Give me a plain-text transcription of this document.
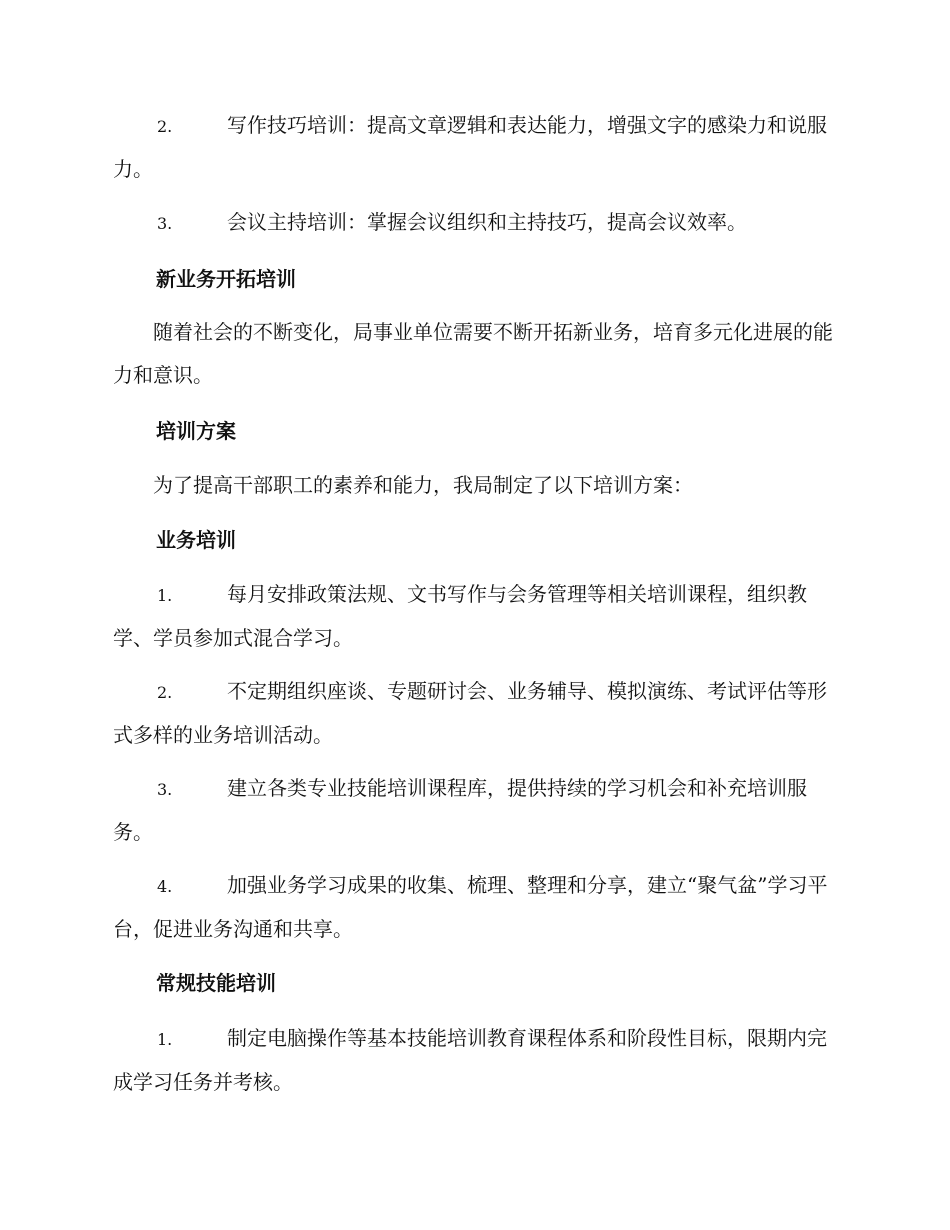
2.	写作技巧培训：提高文章逻辑和表达能力，增强文字的感染力和说服力。
3.	会议主持培训：掌握会议组织和主持技巧，提高会议效率。
新业务开拓培训
随着社会的不断变化，局事业单位需要不断开拓新业务，培育多元化进展的能力和意识。
培训方案
为了提高干部职工的素养和能力，我局制定了以下培训方案：
业务培训
1.	每月安排政策法规、文书写作与会务管理等相关培训课程，组织教学、学员参加式混合学习。
2.	不定期组织座谈、专题研讨会、业务辅导、模拟演练、考试评估等形式多样的业务培训活动。
3.	建立各类专业技能培训课程库，提供持续的学习机会和补充培训服务。
4.	加强业务学习成果的收集、梳理、整理和分享，建立“聚气盆”学习平台，促进业务沟通和共享。
常规技能培训
1.	制定电脑操作等基本技能培训教育课程体系和阶段性目标，限期内完成学习任务并考核。
